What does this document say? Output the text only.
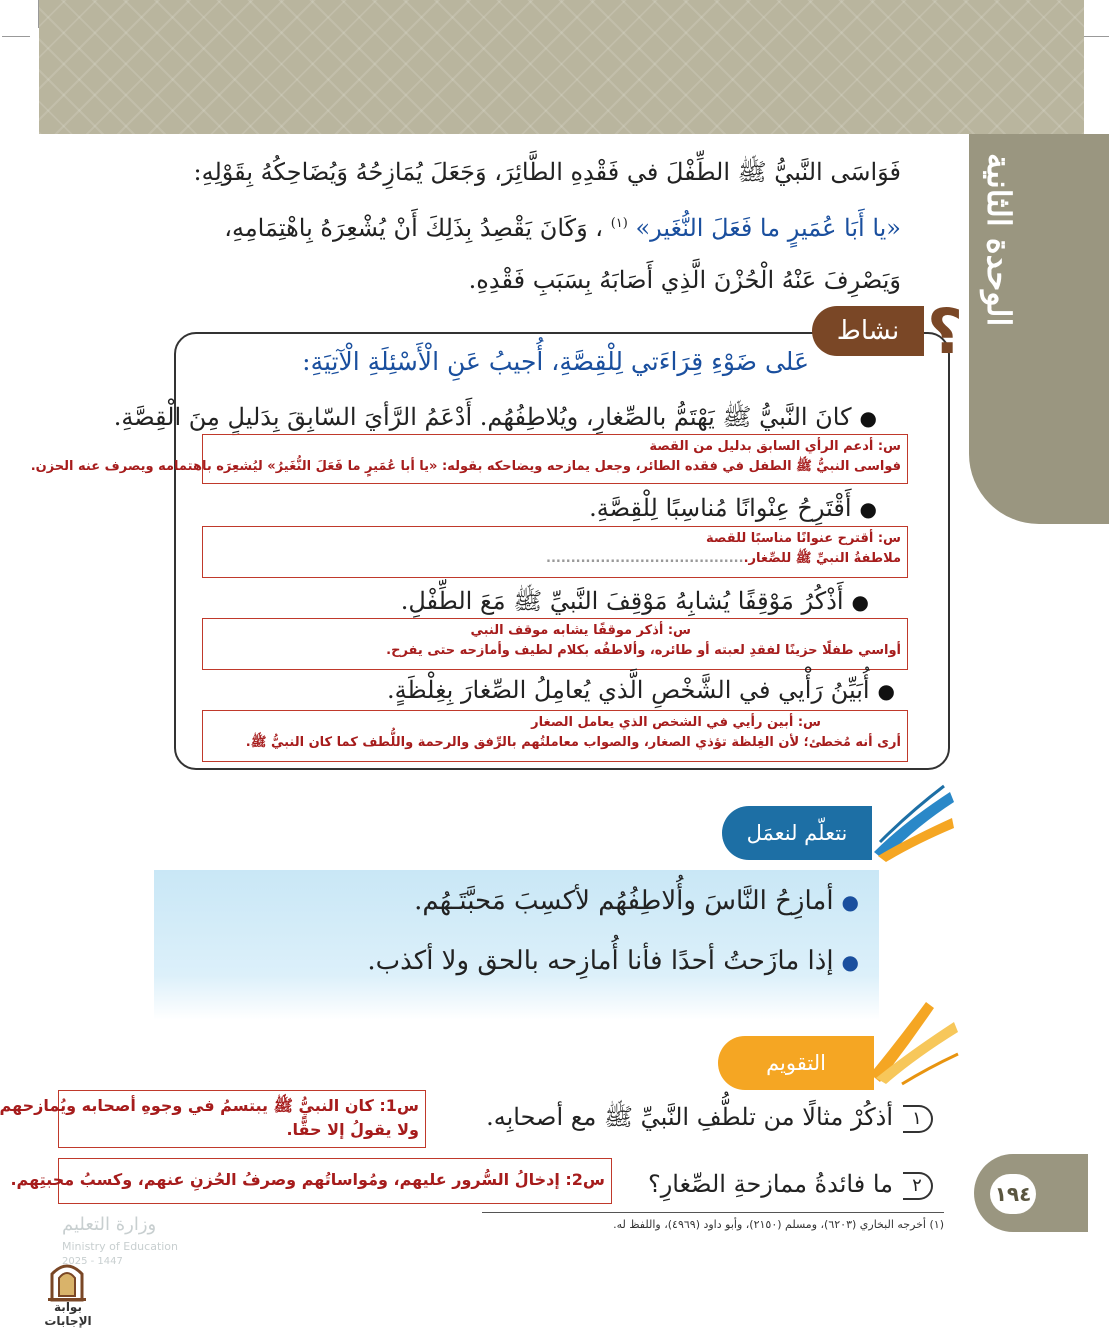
الوحدة الثانية
فَوَاسَى النَّبيُّ ﷺ الطِّفْلَ في فَقْدِهِ الطَّائِرَ، وَجَعَلَ يُمَازِحُهُ وَيُضَاحِكُهُ بِقَوْلِهِ:
«يا أَبَا عُمَيرٍ ما فَعَلَ النُّغَير» $^{(١)}$ ، وَكَانَ يَقْصِدُ بِذَلِكَ أَنْ يُشْعِرَهُ بِاهْتِمَامِهِ،
وَيَصْرِفَ عَنْهُ الْحُزْنَ الَّذِي أَصَابَهُ بِسَبَبِ فَقْدِهِ.
نشاط ؟
عَلى ضَوْءِ قِرَاءَتي لِلْقِصَّةِ، أُجيبُ عَنِ الْأَسْئِلَةِ الْآتِيَةِ:
●كانَ النَّبيُّ ﷺ يَهْتَمُّ بالصِّغارِ، ويُلاطِفُهُم. أَدْعَمُ الرَّأيَ السّابِقَ بِدَليلٍ مِنَ الْقِصَّةِ.
س: أدعم الرأي السابق بدليل من القصة
فواسى النبيُّ ﷺ الطفل في فقده الطائر، وجعل يمازحه ويضاحكه بقوله: «يا أبا عُمَيرٍ ما فَعَلَ النُّغَيرُ» ليُشعِرَه باهتمامه ويصرف عنه الحزن.
●أَقْتَرِحُ عِنْوانًا مُناسِبًا لِلْقِصَّةِ.
س: أقترح عنوانًا مناسبًا للقصة
ملاطفةُ النبيِّ ﷺ للصِّغار.........................................
●أَذْكُرُ مَوْقِفًا يُشابِهُ مَوْقِفَ النَّبيِّ ﷺ مَعَ الطِّفْلِ.
س: أذكر موقفًا يشابه موقف النبي
أواسي طفلًا حزينًا لفقدِ لعبته أو طائره، وألاطفُه بكلام لطيف وأمازحه حتى يفرح.
●أُبَيِّنُ رَأْيي في الشَّخْصِ الَّذي يُعامِلُ الصِّغارَ بِغِلْظَةٍ.
س: أبين رأيي في الشخص الذي يعامل الصغار
أرى أنه مُخطئ؛ لأن الغِلظة تؤذي الصغار، والصواب معاملتُهم بالرِّفق والرحمة واللُّطف كما كان النبيُّ ﷺ.
نتعلّم لنعمَل
●أمازِحُ النَّاسَ وأُلاطِفُهُم لأكسِبَ مَحبَّتَـهُم.
●إذا مازَحتُ أحدًا فأنا أُمازِحه بالحق ولا أكذب.
التقويم
١أذكُرْ مثالًا من تلطُّفِ النَّبيِّ ﷺ مع أصحابِه.
س1: كان النبيُّ ﷺ يبتسمُ في وجوهِ أصحابه ويُمازحهم
ولا يقولُ إلا حقًّا.
٢ما فائدةُ ممازحةِ الصِّغارِ؟
س2: إدخالُ السُّرور عليهم، ومُواساتُهم وصرفُ الحُزنِ عنهم، وكسبُ محبتِهم.
١٩٤
(١) أخرجه البخاري (٦٢٠٣)، ومسلم (٢١٥٠)، وأبو داود (٤٩٦٩)، واللفظ له.
وزارة التعليم
Ministry of Education
2025 - 1447
بوابة الإجابات
